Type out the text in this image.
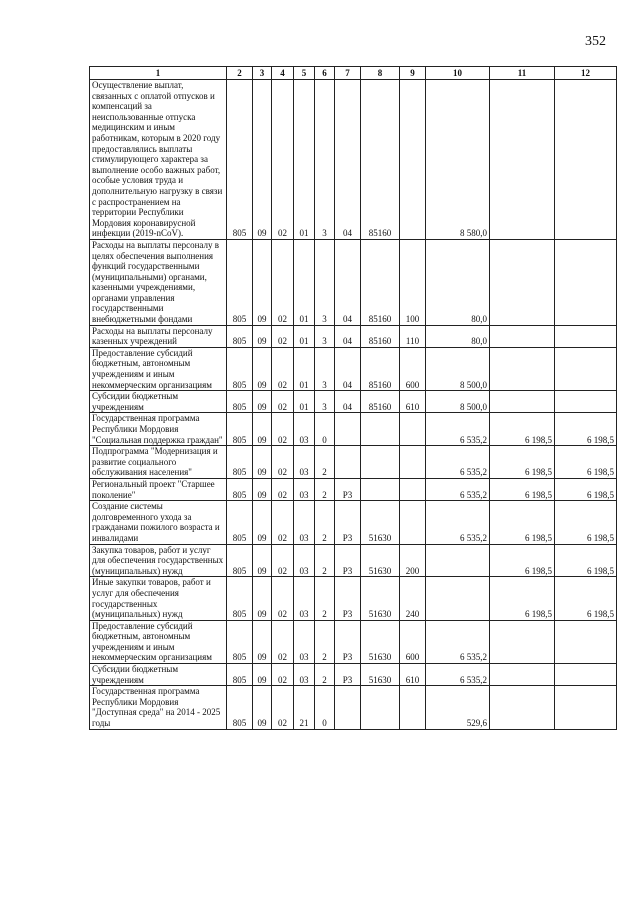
352
1	2	3	4	5	6	7	8	9	10	11	12
Осуществление выплат, связанных с оплатой отпусков и компенсаций за неиспользованные отпуска медицинским и иным работникам, которым в 2020 году предоставлялись выплаты стимулирующего характера за выполнение особо важных работ, особые условия труда и дополнительную нагрузку в связи с распространением на территории Республики Мордовия коронавирусной инфекции (2019-nCoV).	805	09	02	01	3	04	85160		8 580,0		
Расходы на выплаты персоналу в целях обеспечения выполнения функций государственными (муниципальными) органами, казенными учреждениями, органами управления государственными внебюджетными фондами	805	09	02	01	3	04	85160	100	80,0		
Расходы на выплаты персоналу казенных учреждений	805	09	02	01	3	04	85160	110	80,0		
Предоставление субсидий бюджетным, автономным учреждениям и иным некоммерческим организациям	805	09	02	01	3	04	85160	600	8 500,0		
Субсидии бюджетным учреждениям	805	09	02	01	3	04	85160	610	8 500,0		
Государственная программа Республики Мордовия "Социальная поддержка граждан"	805	09	02	03	0				6 535,2	6 198,5	6 198,5
Подпрограмма "Модернизация и развитие социального обслуживания населения"	805	09	02	03	2				6 535,2	6 198,5	6 198,5
Региональный проект "Старшее поколение"	805	09	02	03	2	P3			6 535,2	6 198,5	6 198,5
Создание системы долговременного ухода за гражданами пожилого возраста и инвалидами	805	09	02	03	2	P3	51630		6 535,2	6 198,5	6 198,5
Закупка товаров, работ и услуг для обеспечения государственных (муниципальных) нужд	805	09	02	03	2	P3	51630	200		6 198,5	6 198,5
Иные закупки товаров, работ и услуг для обеспечения государственных (муниципальных) нужд	805	09	02	03	2	P3	51630	240		6 198,5	6 198,5
Предоставление субсидий бюджетным, автономным учреждениям и иным некоммерческим организациям	805	09	02	03	2	P3	51630	600	6 535,2		
Субсидии бюджетным учреждениям	805	09	02	03	2	P3	51630	610	6 535,2		
Государственная программа Республики Мордовия "Доступная среда" на 2014 - 2025 годы	805	09	02	21	0				529,6		
